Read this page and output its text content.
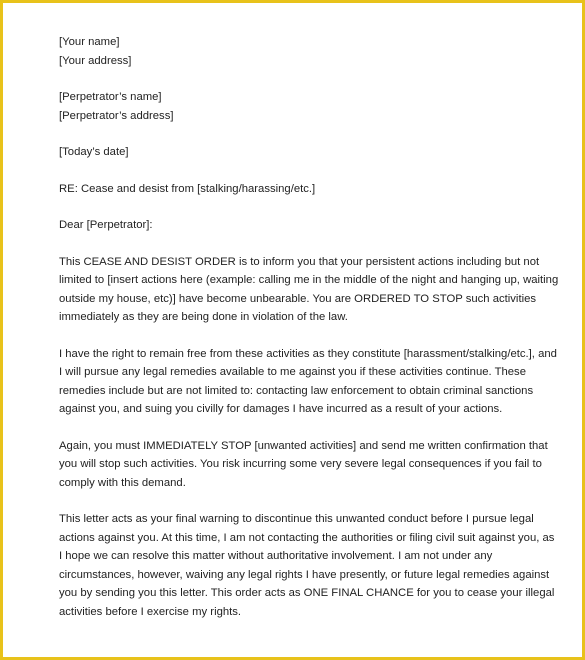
[Your name]
[Your address]
[Perpetrator’s name]
[Perpetrator’s address]
[Today’s date]
RE: Cease and desist from [stalking/harassing/etc.]
Dear [Perpetrator]:
This CEASE AND DESIST ORDER is to inform you that your persistent actions including but not
limited to [insert actions here (example: calling me in the middle of the night and hanging up, waiting
outside my house, etc)] have become unbearable. You are ORDERED TO STOP such activities
immediately as they are being done in violation of the law.
I have the right to remain free from these activities as they constitute [harassment/stalking/etc.], and
I will pursue any legal remedies available to me against you if these activities continue. These
remedies include but are not limited to: contacting law enforcement to obtain criminal sanctions
against you, and suing you civilly for damages I have incurred as a result of your actions.
Again, you must IMMEDIATELY STOP [unwanted activities] and send me written confirmation that
you will stop such activities. You risk incurring some very severe legal consequences if you fail to
comply with this demand.
This letter acts as your final warning to discontinue this unwanted conduct before I pursue legal
actions against you. At this time, I am not contacting the authorities or filing civil suit against you, as
I hope we can resolve this matter without authoritative involvement. I am not under any
circumstances, however, waiving any legal rights I have presently, or future legal remedies against
you by sending you this letter. This order acts as ONE FINAL CHANCE for you to cease your illegal
activities before I exercise my rights.
